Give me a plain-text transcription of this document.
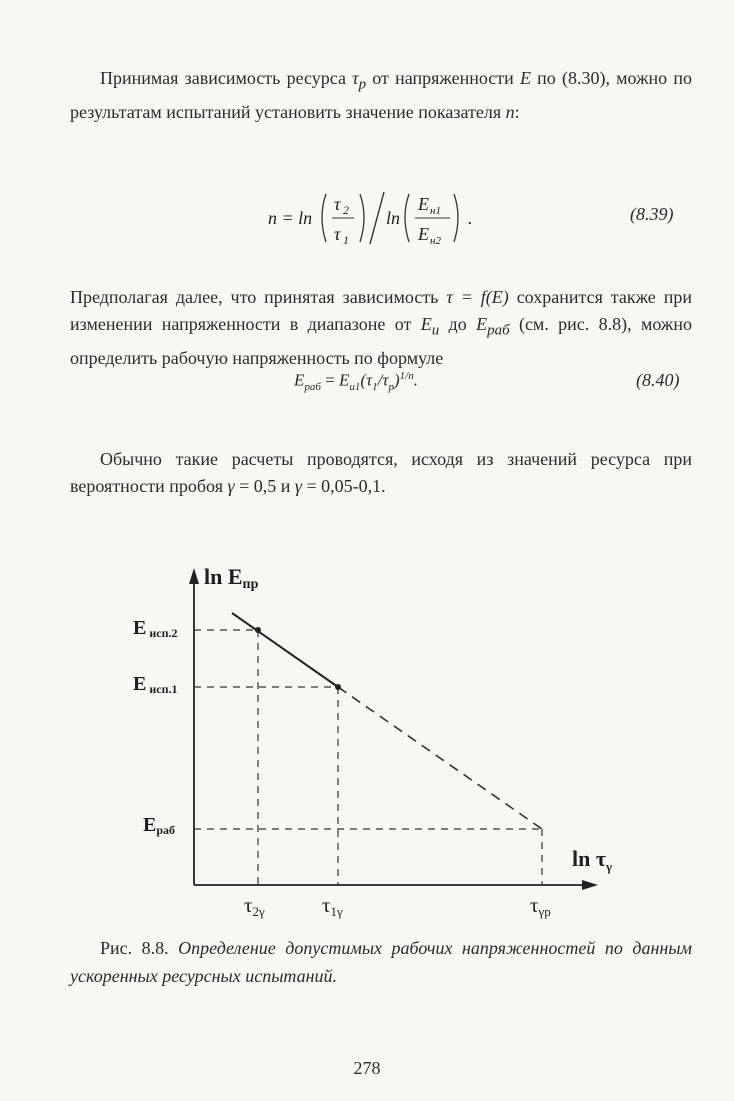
Принимая зависимость ресурса $\tau_p$ от напряженности E по (8.30), можно по результатам испытаний установить значение показателя n:

n = ln
τ 2
τ 1
ln
E н1
E н2
.	(8.39)

Предполагая далее, что принятая зависимость τ = f(E) сохранится также при изменении напряженности в диапазоне от $E_и$ до $E_{раб}$ (см. рис. 8.8), можно определить рабочую напряженность по формуле

$E_{раб} = E_{и1}(\tau_1/\tau_p)^{1/n}$.	(8.40)

Обычно такие расчеты проводятся, исходя из значений ресурса при вероятности пробоя γ = 0,5 и γ = 0,05-0,1.

ln Eпр
$\ln \tau_\gamma$
Eисп.2
Eисп.1
Eраб
τ2γ	τ1γ	τγp

Рис. 8.8. Определение допустимых рабочих напряженностей по данным ускоренных ресурсных испытаний.

278
